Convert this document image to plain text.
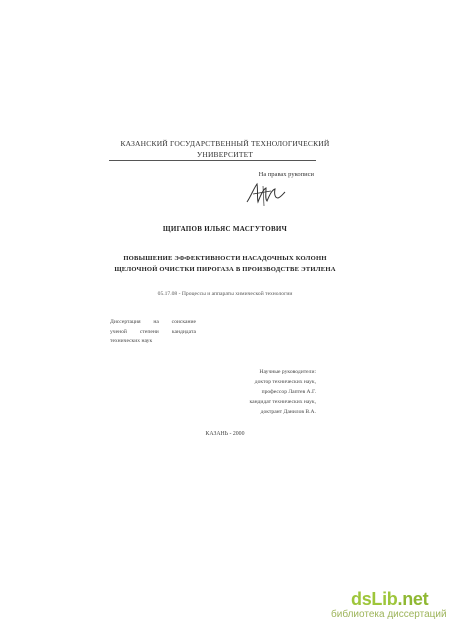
КАЗАНСКИЙ ГОСУДАРСТВЕННЫЙ ТЕХНОЛОГИЧЕСКИЙ
УНИВЕРСИТЕТ
На правах рукописи
ЩИГАПОВ ИЛЬЯС МАСГУТОВИЧ
ПОВЫШЕНИЕ ЭФФЕКТИВНОСТИ НАСАДОЧНЫХ КОЛОНН
ЩЕЛОЧНОЙ ОЧИСТКИ ПИРОГАЗА В ПРОИЗВОДСТВЕ ЭТИЛЕНА
05.17.08 - Процессы и аппараты химической технологии
Диссертация на соискание
ученой степени кандидата
технических наук
Научные руководители:
доктор технических наук,
профессор Лаптев А.Г.
кандидат технических наук,
доктрант Данилов В.А.
КАЗАНЬ - 2000
dsLib.net
библиотека диссертаций
